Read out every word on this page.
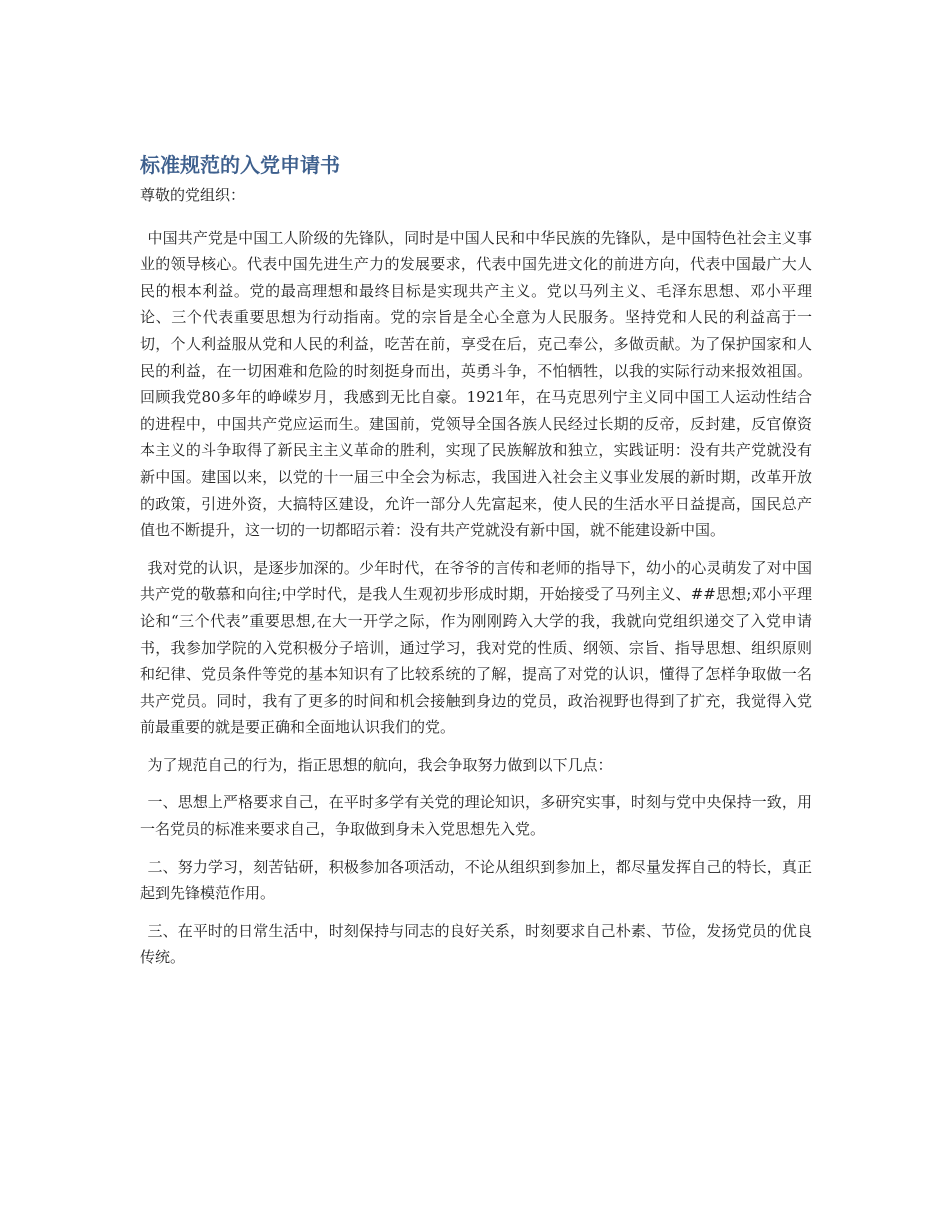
标准规范的入党申请书

尊敬的党组织：

中国共产党是中国工人阶级的先锋队，同时是中国人民和中华民族的先锋队，是中国特色社会主义事业的领导核心。代表中国先进生产力的发展要求，代表中国先进文化的前进方向，代表中国最广大人民的根本利益。党的最高理想和最终目标是实现共产主义。党以马列主义、毛泽东思想、邓小平理论、三个代表重要思想为行动指南。党的宗旨是全心全意为人民服务。坚持党和人民的利益高于一切，个人利益服从党和人民的利益，吃苦在前，享受在后，克己奉公，多做贡献。为了保护国家和人民的利益，在一切困难和危险的时刻挺身而出，英勇斗争，不怕牺牲，以我的实际行动来报效祖国。回顾我党80多年的峥嵘岁月，我感到无比自豪。1921年，在马克思列宁主义同中国工人运动性结合的进程中，中国共产党应运而生。建国前，党领导全国各族人民经过长期的反帝，反封建，反官僚资本主义的斗争取得了新民主主义革命的胜利，实现了民族解放和独立，实践证明：没有共产党就没有新中国。建国以来，以党的十一届三中全会为标志，我国进入社会主义事业发展的新时期，改革开放的政策，引进外资，大搞特区建设，允许一部分人先富起来，使人民的生活水平日益提高，国民总产值也不断提升，这一切的一切都昭示着：没有共产党就没有新中国，就不能建设新中国。

我对党的认识，是逐步加深的。少年时代，在爷爷的言传和老师的指导下，幼小的心灵萌发了对中国共产党的敬慕和向往;中学时代，是我人生观初步形成时期，开始接受了马列主义、##思想;邓小平理论和“三个代表”重要思想,在大一开学之际，作为刚刚跨入大学的我，我就向党组织递交了入党申请书，我参加学院的入党积极分子培训，通过学习，我对党的性质、纲领、宗旨、指导思想、组织原则和纪律、党员条件等党的基本知识有了比较系统的了解，提高了对党的认识，懂得了怎样争取做一名共产党员。同时，我有了更多的时间和机会接触到身边的党员，政治视野也得到了扩充，我觉得入党前最重要的就是要正确和全面地认识我们的党。

为了规范自己的行为，指正思想的航向，我会争取努力做到以下几点：

一、思想上严格要求自己，在平时多学有关党的理论知识，多研究实事，时刻与党中央保持一致，用一名党员的标准来要求自己，争取做到身未入党思想先入党。

二、努力学习，刻苦钻研，积极参加各项活动，不论从组织到参加上，都尽量发挥自己的特长，真正起到先锋模范作用。

三、在平时的日常生活中，时刻保持与同志的良好关系，时刻要求自己朴素、节俭，发扬党员的优良传统。
